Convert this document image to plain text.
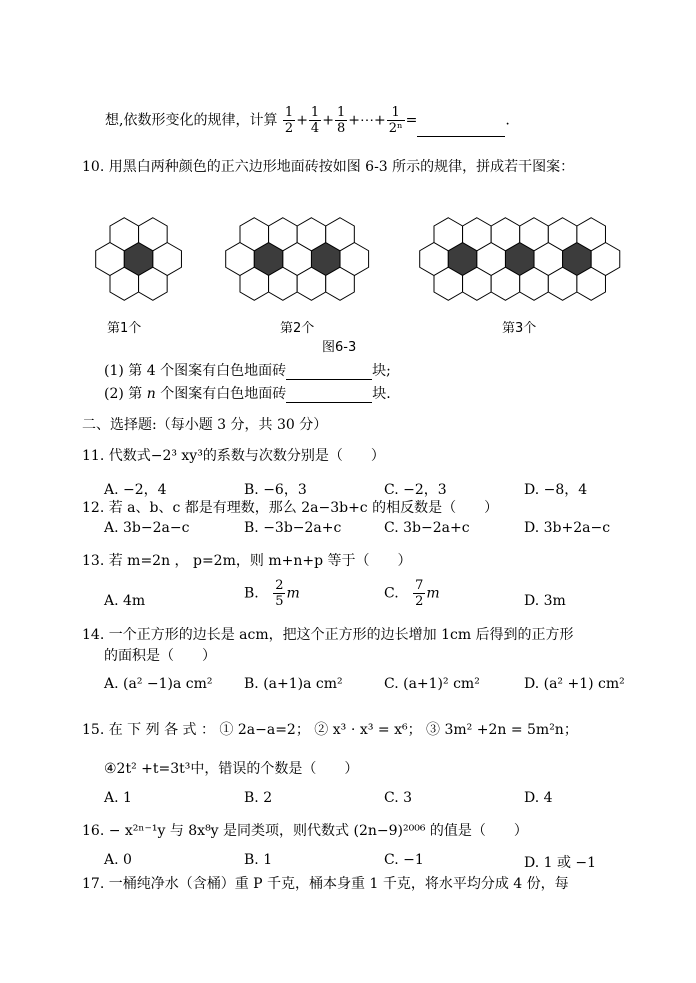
想,依数形变化的规律，计算 $\frac{1}{2} + \frac{1}{4} + \frac{1}{8}$ +⋯+ $\frac{1}{\text{2ⁿ}}$ =	.
10. 用黑白两种颜色的正六边形地面砖按如图 6-3 所示的规律，拼成若干图案：
第1个	第2个	第3个
图6-3
(1) 第 4 个图案有白色地面砖	块;
(2) 第 n 个图案有白色地面砖	块.
二、选择题:（每小题 3 分，共 30 分）
11. 代数式−2³ xy³的系数与次数分别是（　　）
A. −2，4	B. −6，3	C. −2，3	D. −8，4
12. 若 a、b、c 都是有理数，那么 2a−3b+c 的相反数是（　　）
A. 3b−2a−c	B. −3b−2a+c	C. 3b−2a+c	D. 3b+2a−c
13. 若 m=2n ， p=2m，则 m+n+p 等于（　　）
A. 4m	B. $\frac{2}{5}$ m	C. $\frac{7}{2}$ m	D. 3m
14. 一个正方形的边长是 acm，把这个正方形的边长增加 1cm 后得到的正方形
的面积是（　　）
A. (a² −1)a cm² B. (a+1)a cm²	C. (a+1)² cm²	D. (a² +1) cm²
15. 在 下 列 各 式 ： ① 2a−a=2； ② x³ ⋅ x³ = x⁶； ③ 3m² +2n = 5m²n；
④2t² +t=3t³中，错误的个数是（　　）
A. 1	B. 2	C. 3	D. 4
16. − x²ⁿ⁻¹y 与 8x⁸y 是同类项，则代数式 (2n−9)²⁰⁰⁶ 的值是（　　）
A. 0	B. 1	C. −1	D. 1 或 −1
17. 一桶纯净水（含桶）重 P 千克，桶本身重 1 千克，将水平均分成 4 份，每
